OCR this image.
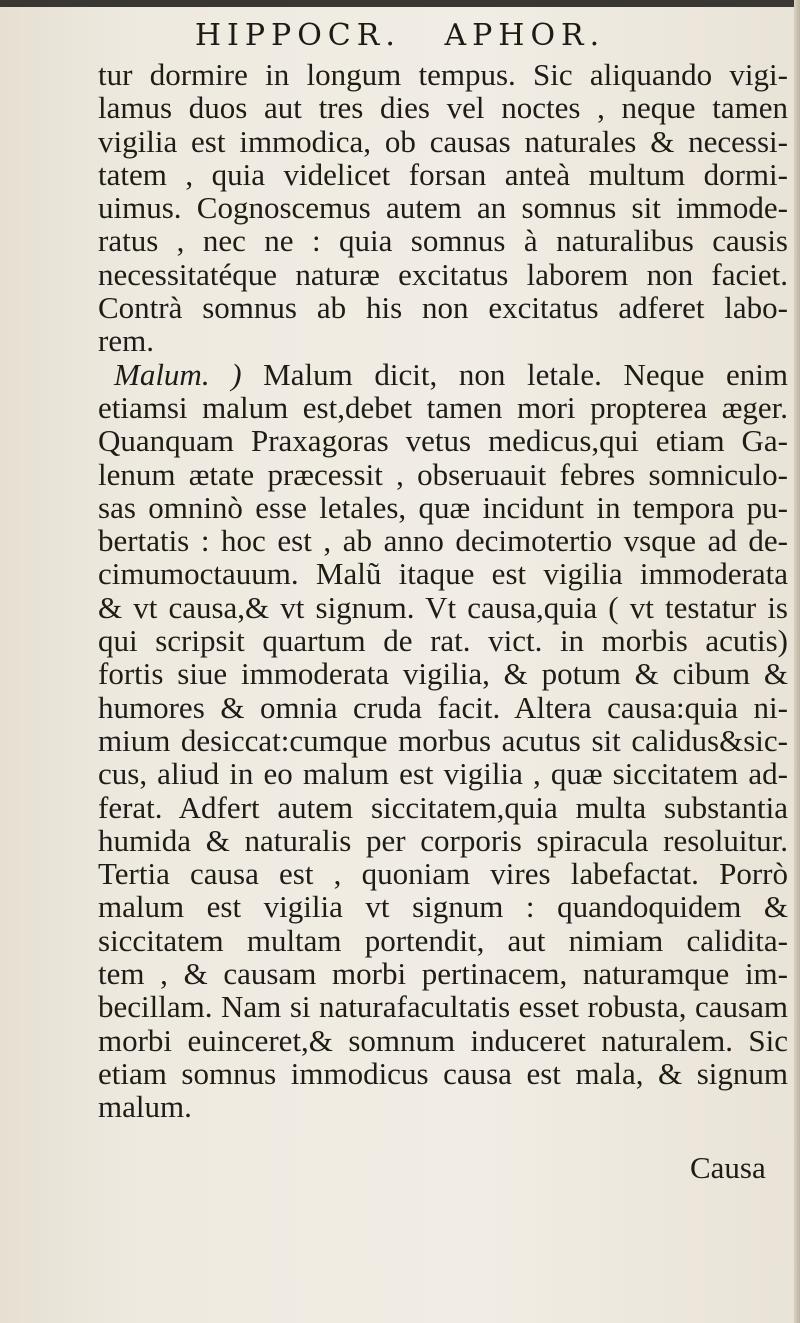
HIPPOCR. APHOR.
tur dormire in longum tempus. Sic aliquando vigi-
lamus duos aut tres dies vel noctes , neque tamen
vigilia est immodica, ob causas naturales & necessi-
tatem , quia videlicet forsan anteà multum dormi-
uimus. Cognoscemus autem an somnus sit immode-
ratus , nec ne : quia somnus à naturalibus causis
necessitatéque naturæ excitatus laborem non faciet.
Contrà somnus ab his non excitatus adferet labo-
rem.
Malum. ) Malum dicit, non letale. Neque enim
etiamsi malum est,debet tamen mori propterea æger.
Quanquam Praxagoras vetus medicus,qui etiam Ga-
lenum ætate præcessit , obseruauit febres somniculo-
sas omninò esse letales, quæ incidunt in tempora pu-
bertatis : hoc est , ab anno decimotertio vsque ad de-
cimumoctauum. Malũ itaque est vigilia immoderata
& vt causa,& vt signum. Vt causa,quia ( vt testatur is
qui scripsit quartum de rat. vict. in morbis acutis)
fortis siue immoderata vigilia, & potum & cibum &
humores & omnia cruda facit. Altera causa:quia ni-
mium desiccat:cumque morbus acutus sit calidus&sic-
cus, aliud in eo malum est vigilia , quæ siccitatem ad-
ferat. Adfert autem siccitatem,quia multa substantia
humida & naturalis per corporis spiracula resoluitur.
Tertia causa est , quoniam vires labefactat. Porrò
malum est vigilia vt signum : quandoquidem &
siccitatem multam portendit, aut nimiam calidita-
tem , & causam morbi pertinacem, naturamque im-
becillam. Nam si naturafacultatis esset robusta, causam
morbi euinceret,& somnum induceret naturalem. Sic
etiam somnus immodicus causa est mala, & signum
malum.
Causa
